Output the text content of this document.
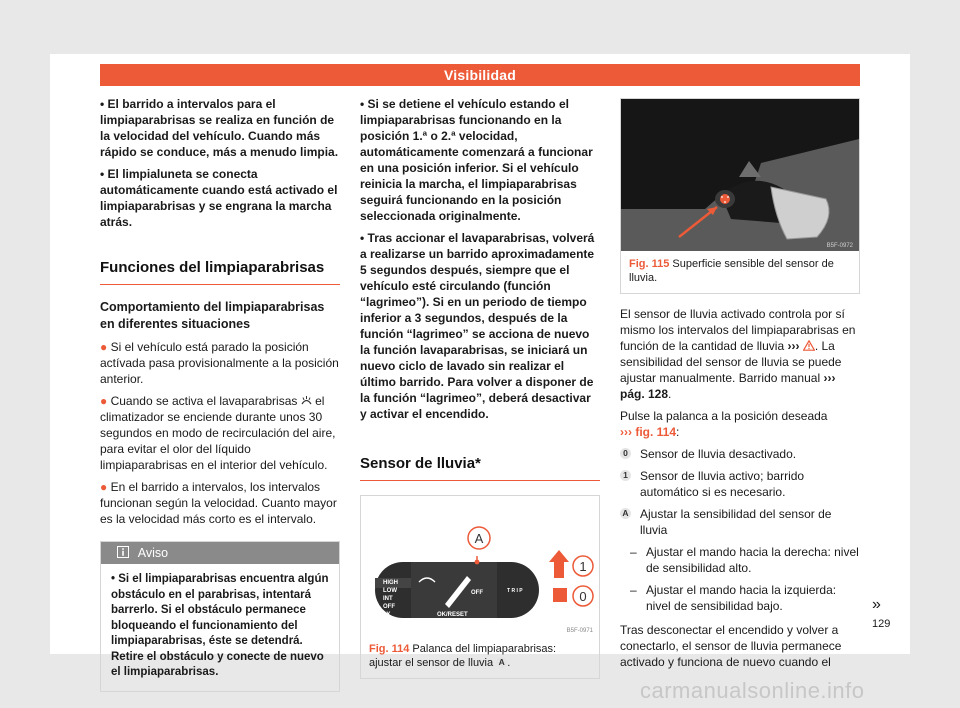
Visibilidad

• El barrido a intervalos para el limpiaparabrisas se realiza en función de la velocidad del vehículo. Cuando más rápido se conduce, más a menudo limpia.

• El limpialuneta se conecta automáticamente cuando está activado el limpiaparabrisas y se engrana la marcha atrás.

Funciones del limpiaparabrisas
Comportamiento del limpiaparabrisas en diferentes situaciones

● Si el vehículo está parado la posición actívada pasa provisionalmente a la posición anterior.

● Cuando se activa el lavaparabrisas el climatizador se enciende durante unos 30 segundos en modo de recirculación del aire, para evitar el olor del líquido limpiaparabrisas en el interior del vehículo.

● En el barrido a intervalos, los intervalos funcionan según la velocidad. Cuanto mayor es la velocidad más corto es el intervalo.

Aviso
• Si el limpiaparabrisas encuentra algún obstáculo en el parabrisas, intentará barrerlo. Si el obstáculo permanece bloqueando el funcionamiento del limpiaparabrisas, éste se detendrá. Retire el obstáculo y conecte de nuevo el limpiaparabrisas.

• Si se detiene el vehículo estando el limpiaparabrisas funcionando en la posición 1.ª o 2.ª velocidad, automáticamente comenzará a funcionar en una posición inferior. Si el vehículo reinicia la marcha, el limpiaparabrisas seguirá funcionando en la posición seleccionada originalmente.

• Tras accionar el lavaparabrisas, volverá a realizarse un barrido aproximadamente 5 segundos después, siempre que el vehículo esté circulando (función “lagrimeo”). Si en un periodo de tiempo inferior a 3 segundos, después de la función “lagrimeo” se acciona de nuevo la función lavaparabrisas, se iniciará un nuevo ciclo de lavado sin realizar el último barrido. Para volver a disponer de la función “lagrimeo”, deberá desactivar y activar el encendido.

Sensor de lluvia*
HIGH
LOW
INT
OFF
1X
OFF
OK/RESET
T R I P
A
1
0
B5F-0971
Fig. 114 Palanca del limpiaparabrisas: ajustar el sensor de lluvia A .
B5F-0972
Fig. 115 Superficie sensible del sensor de lluvia.

El sensor de lluvia activado controla por sí mismo los intervalos del limpiaparabrisas en función de la cantidad de lluvia ››› . La sensibilidad del sensor de lluvia se puede ajustar manualmente. Barrido manual ››› pág. 128.

Pulse la palanca a la posición deseada
››› fig. 114:

0 Sensor de lluvia desactivado.
1 Sensor de lluvia activo; barrido automático si es necesario.
A Ajustar la sensibilidad del sensor de lluvia
– Ajustar el mando hacia la derecha: nivel de sensibilidad alto.
– Ajustar el mando hacia la izquierda: nivel de sensibilidad bajo.

Tras desconectar el encendido y volver a conectarlo, el sensor de lluvia permanece activado y funciona de nuevo cuando el

»
129
carmanualsonline.info
